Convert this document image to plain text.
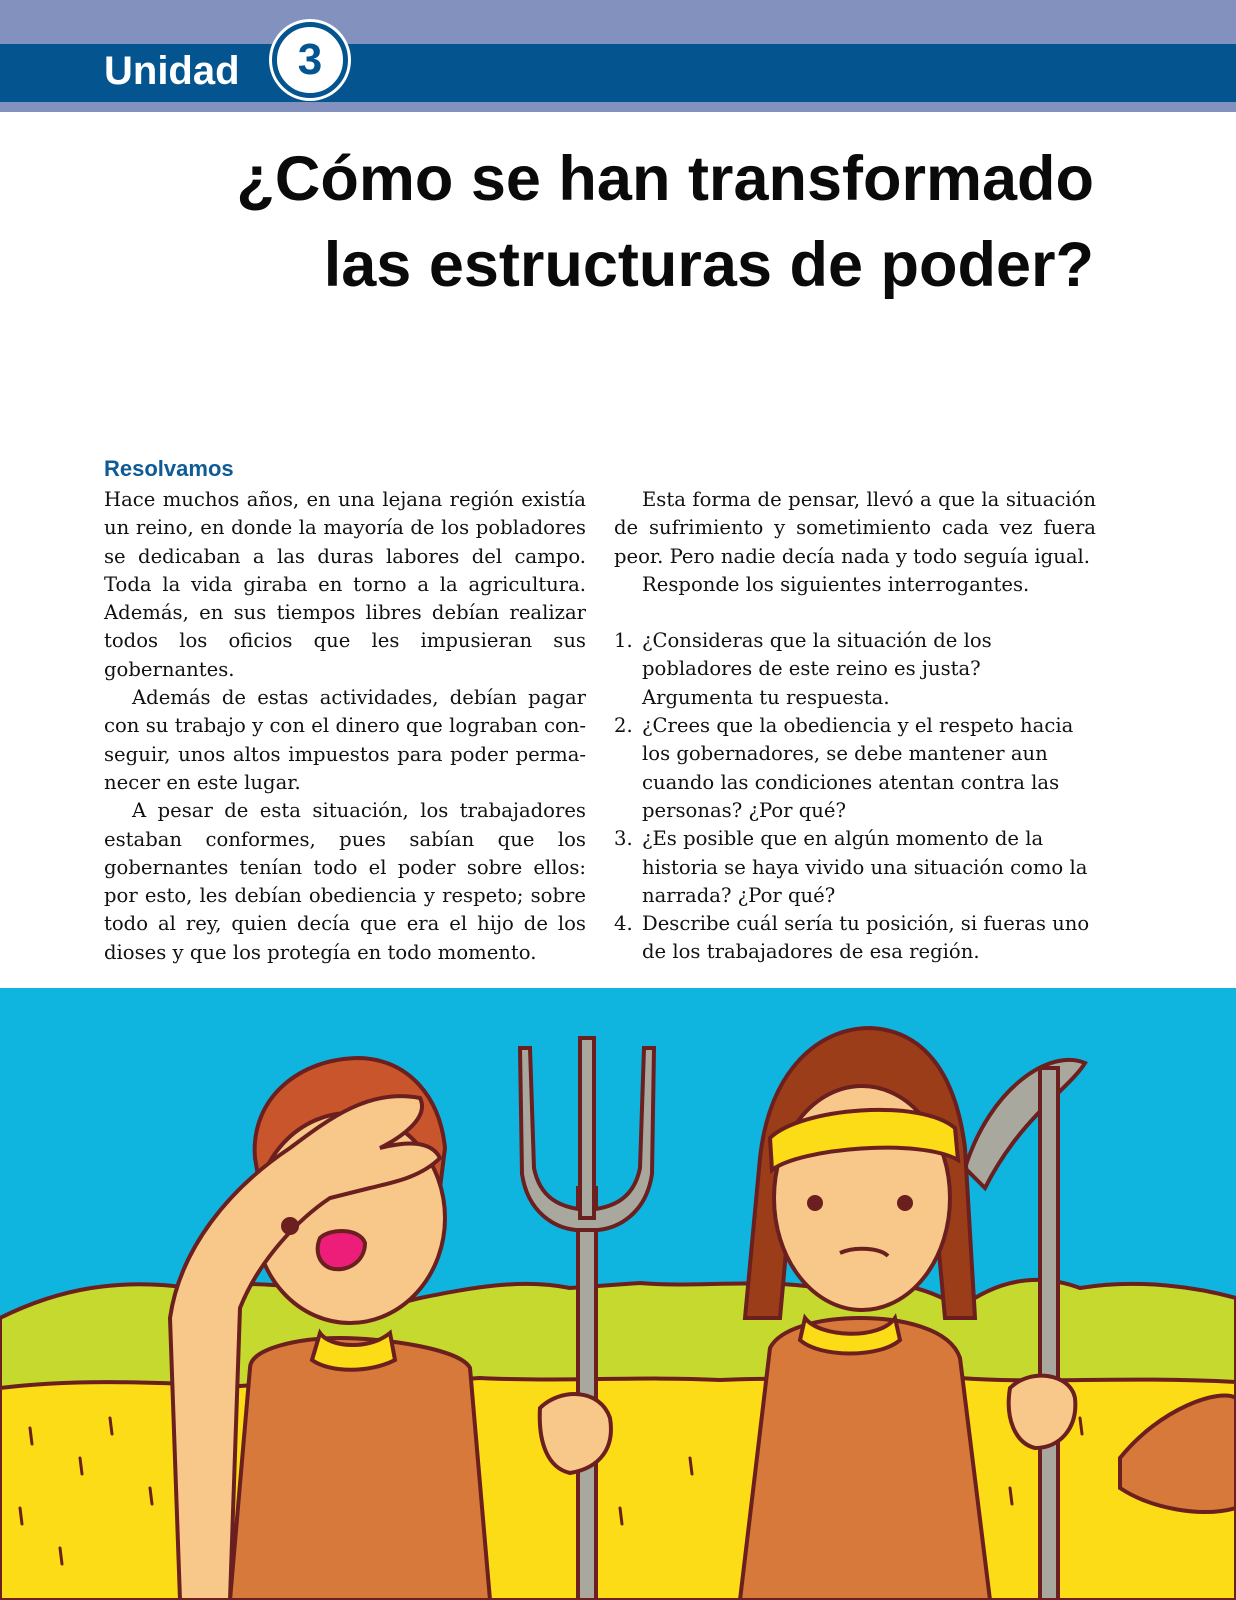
Unidad	3
¿Cómo se han transformado
las estructuras de poder?
Resolvamos

Hace muchos años, en una lejana región existía un reino, en donde la mayoría de los pobladores se dedicaban a las duras labores del campo. Toda la vida giraba en torno a la agricultura. Además, en sus tiempos libres debían realizar todos los oficios que les impusieran sus gobernantes.

Además de estas actividades, debían pagar con su trabajo y con el dinero que lograban conseguir, unos altos impuestos para poder permanecer en este lugar.

A pesar de esta situación, los trabajadores estaban conformes, pues sabían que los gobernantes tenían todo el poder sobre ellos: por esto, les debían obediencia y respeto; sobre todo al rey, quien decía que era el hijo de los dioses y que los protegía en todo momento.

Esta forma de pensar, llevó a que la situación de sufrimiento y sometimiento cada vez fuera peor. Pero nadie decía nada y todo seguía igual.

Responde los siguientes interrogantes.

1. ¿Consideras que la situación de los pobladores de este reino es justa? Argumenta tu respuesta.
2. ¿Crees que la obediencia y el respeto hacia los gobernadores, se debe mantener aun cuando las condiciones atentan contra las personas? ¿Por qué?
3. ¿Es posible que en algún momento de la historia se haya vivido una situación como la narrada? ¿Por qué?
4. Describe cuál sería tu posición, si fueras uno de los trabajadores de esa región.
